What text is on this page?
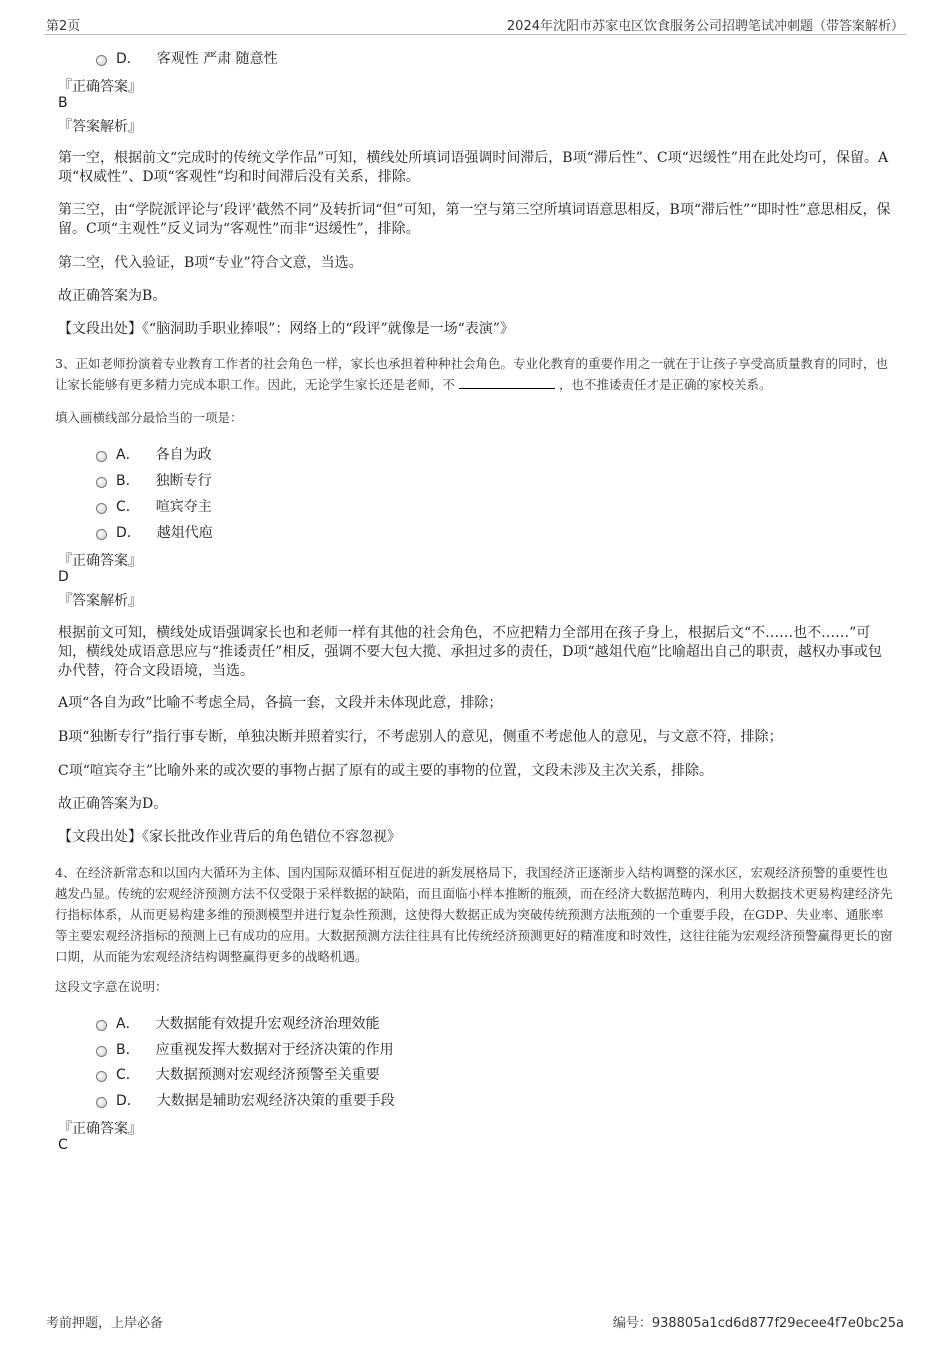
第2页	2024年沈阳市苏家屯区饮食服务公司招聘笔试冲刺题（带答案解析）
D． 客观性 严肃 随意性
『正确答案』
B
『答案解析』
第一空，根据前文“完成时的传统文学作品”可知，横线处所填词语强调时间滞后，B项“滞后性”、C项“迟缓性”用在此处均可，保留。A项“权威性”、D项“客观性”均和时间滞后没有关系，排除。
第三空，由“学院派评论与‘段评’截然不同”及转折词“但”可知，第一空与第三空所填词语意思相反，B项“滞后性”“即时性”意思相反，保留。C项“主观性”反义词为“客观性”而非“迟缓性”，排除。
第二空，代入验证，B项“专业”符合文意，当选。
故正确答案为B。
【文段出处】《“脑洞助手职业捧哏”：网络上的“段评”就像是一场“表演”》
3、正如老师扮演着专业教育工作者的社会角色一样，家长也承担着种种社会角色。专业化教育的重要作用之一就在于让孩子享受高质量教育的同时，也让家长能够有更多精力完成本职工作。因此，无论学生家长还是老师，不	，也不推诿责任才是正确的家校关系。
填入画横线部分最恰当的一项是：
A． 各自为政
B． 独断专行
C． 喧宾夺主
D． 越俎代庖
『正确答案』
D
『答案解析』
根据前文可知，横线处成语强调家长也和老师一样有其他的社会角色，不应把精力全部用在孩子身上，根据后文“不……也不……”可知，横线处成语意思应与“推诿责任”相反，强调不要大包大揽、承担过多的责任，D项“越俎代庖”比喻超出自己的职责，越权办事或包办代替，符合文段语境，当选。
A项“各自为政”比喻不考虑全局，各搞一套，文段并未体现此意，排除；
B项“独断专行”指行事专断，单独决断并照着实行，不考虑别人的意见，侧重不考虑他人的意见，与文意不符，排除；
C项“喧宾夺主”比喻外来的或次要的事物占据了原有的或主要的事物的位置，文段未涉及主次关系，排除。
故正确答案为D。
【文段出处】《家长批改作业背后的角色错位不容忽视》
4、在经济新常态和以国内大循环为主体、国内国际双循环相互促进的新发展格局下，我国经济正逐渐步入结构调整的深水区，宏观经济预警的重要性也越发凸显。传统的宏观经济预测方法不仅受限于采样数据的缺陷，而且面临小样本推断的瓶颈，而在经济大数据范畴内，利用大数据技术更易构建经济先行指标体系，从而更易构建多维的预测模型并进行复杂性预测，这使得大数据正成为突破传统预测方法瓶颈的一个重要手段，在GDP、失业率、通胀率等主要宏观经济指标的预测上已有成功的应用。大数据预测方法往往具有比传统经济预测更好的精准度和时效性，这往往能为宏观经济预警赢得更长的窗口期，从而能为宏观经济结构调整赢得更多的战略机遇。
这段文字意在说明：
A． 大数据能有效提升宏观经济治理效能
B． 应重视发挥大数据对于经济决策的作用
C． 大数据预测对宏观经济预警至关重要
D． 大数据是辅助宏观经济决策的重要手段
『正确答案』
C
考前押题，上岸必备	编号：938805a1cd6d877f29ecee4f7e0bc25a
